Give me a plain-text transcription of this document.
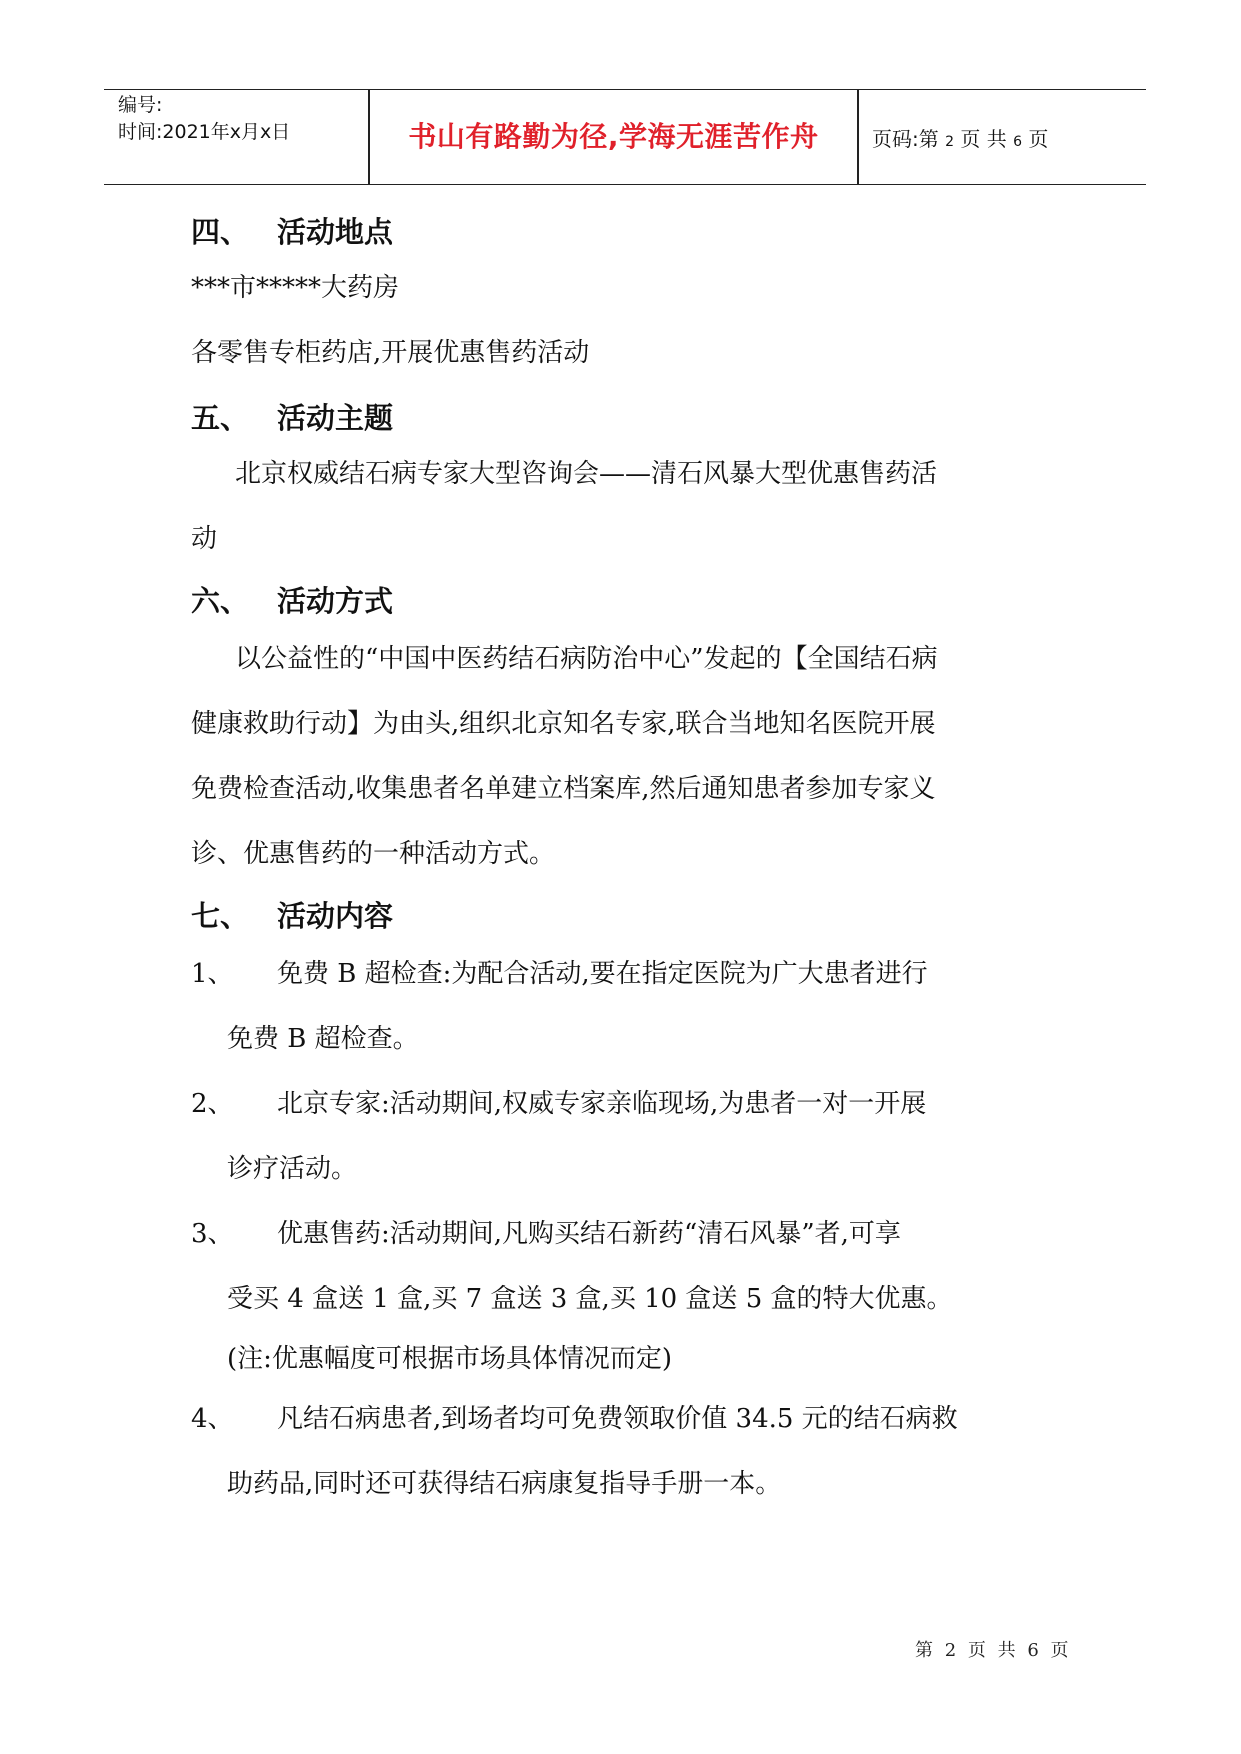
编号:
时间:2021年x月x日	书山有路勤为径,学海无涯苦作舟	页码:第 2 页 共 6 页
四、 活动地点

***市*****大药房

各零售专柜药店,开展优惠售药活动

五、 活动主题

北京权威结石病专家大型咨询会——清石风暴大型优惠售药活

动

六、 活动方式

以公益性的“中国中医药结石病防治中心”发起的【全国结石病

健康救助行动】为由头,组织北京知名专家,联合当地知名医院开展

免费检查活动,收集患者名单建立档案库,然后通知患者参加专家义

诊、优惠售药的一种活动方式。

七、 活动内容
1、	免费 B 超检查:为配合活动,要在指定医院为广大患者进行

免费 B 超检查。

2、	北京专家:活动期间,权威专家亲临现场,为患者一对一开展

诊疗活动。

3、	优惠售药:活动期间,凡购买结石新药“清石风暴”者,可享

受买 4 盒送 1 盒,买 7 盒送 3 盒,买 10 盒送 5 盒的特大优惠。

(注:优惠幅度可根据市场具体情况而定)

4、	凡结石病患者,到场者均可免费领取价值 34.5 元的结石病救

助药品,同时还可获得结石病康复指导手册一本。

第 2 页 共 6 页
